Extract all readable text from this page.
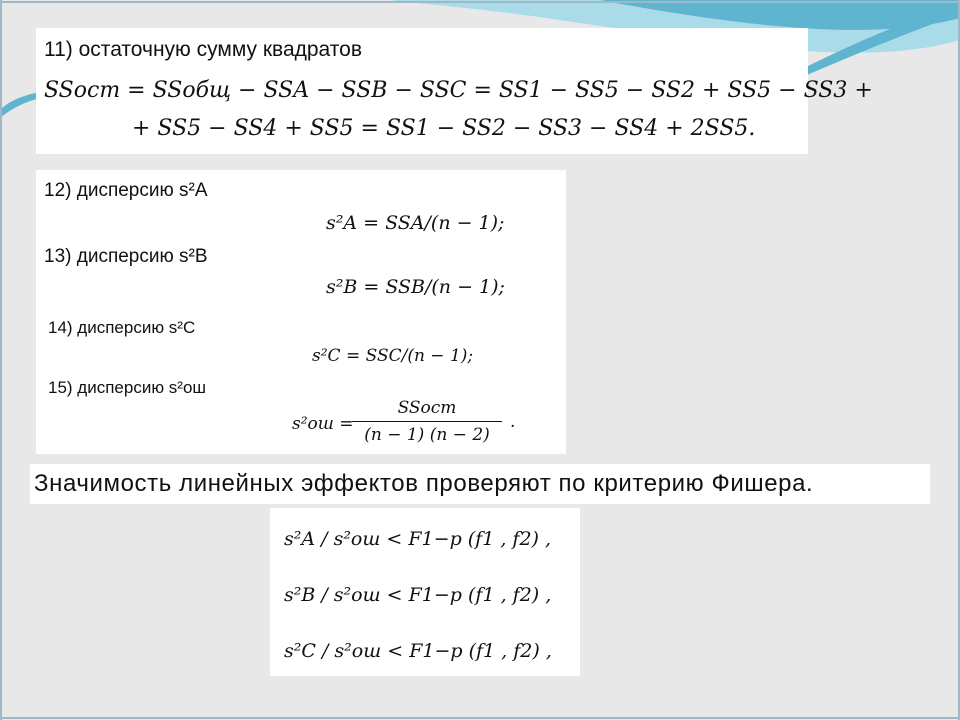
11) остаточную сумму квадратов
SSост = SSобщ − SSA − SSB − SSC = SS1 − SS5 − SS2 + SS5 − SS3 +
+ SS5 − SS4 + SS5 = SS1 − SS2 − SS3 − SS4 + 2SS5.
12) дисперсию s²A
s²A = SSA/(n − 1);
13) дисперсию s²B
s²B = SSB/(n − 1);
14) дисперсию s²C
s²C = SSC/(n − 1);
15) дисперсию s²ош
s²ош =
SSост
(n − 1) (n − 2)
.
Значимость линейных эффектов проверяют по критерию Фишера.
s²A / s²ош < F1−p (f1 , f2) ,
s²B / s²ош < F1−p (f1 , f2) ,
s²C / s²ош < F1−p (f1 , f2) ,
